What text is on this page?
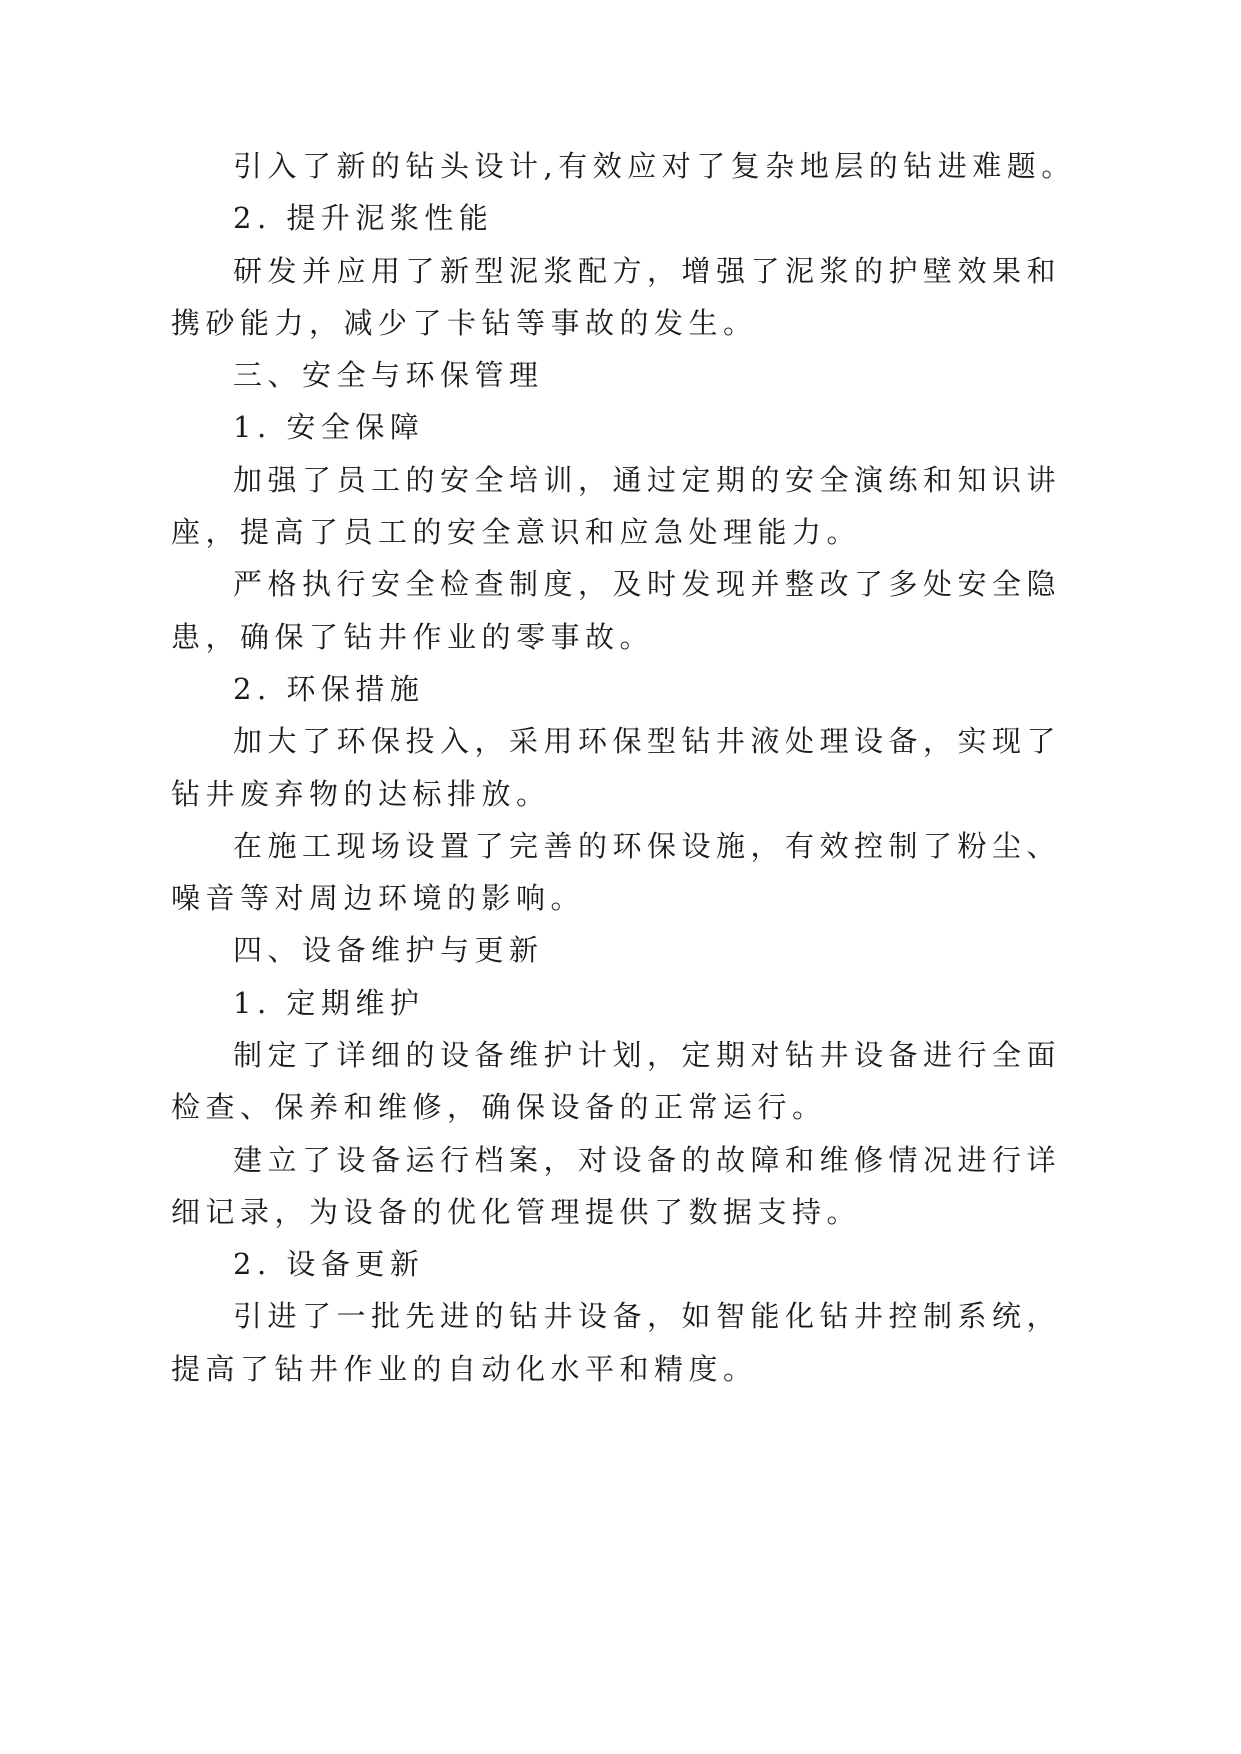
引入了新的钻头设计,有效应对了复杂地层的钻进难题。
2. 提升泥浆性能
研发并应用了新型泥浆配方，增强了泥浆的护壁效果和
携砂能力，减少了卡钻等事故的发生。
三、安全与环保管理
1. 安全保障
加强了员工的安全培训，通过定期的安全演练和知识讲
座，提高了员工的安全意识和应急处理能力。
严格执行安全检查制度，及时发现并整改了多处安全隐
患，确保了钻井作业的零事故。
2. 环保措施
加大了环保投入，采用环保型钻井液处理设备，实现了
钻井废弃物的达标排放。
在施工现场设置了完善的环保设施，有效控制了粉尘、
噪音等对周边环境的影响。
四、设备维护与更新
1. 定期维护
制定了详细的设备维护计划，定期对钻井设备进行全面
检查、保养和维修，确保设备的正常运行。
建立了设备运行档案，对设备的故障和维修情况进行详
细记录，为设备的优化管理提供了数据支持。
2. 设备更新
引进了一批先进的钻井设备，如智能化钻井控制系统，
提高了钻井作业的自动化水平和精度。
